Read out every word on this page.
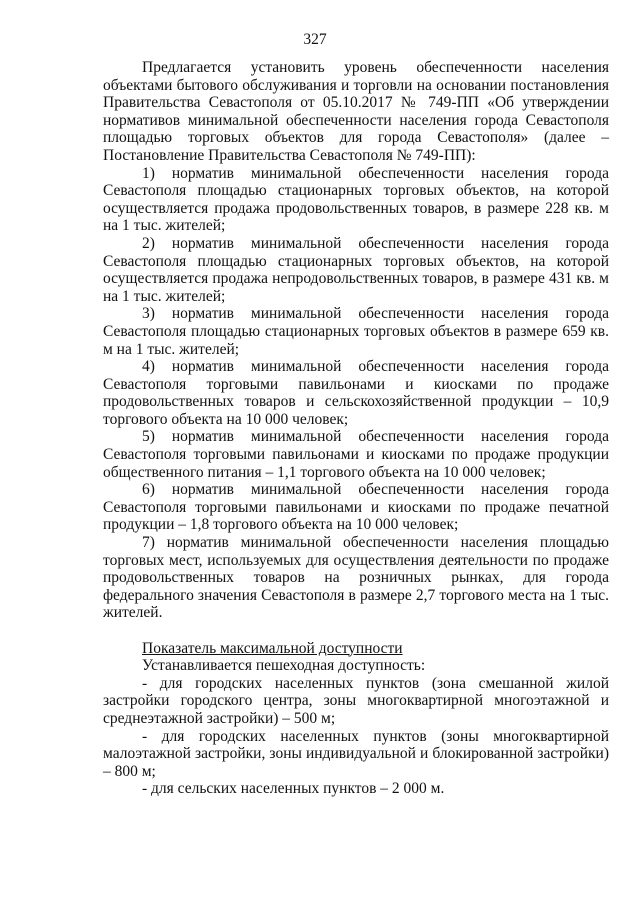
327

Предлагается установить уровень обеспеченности населения объектами бытового обслуживания и торговли на основании постановления Правительства Севастополя от 05.10.2017 № 749-ПП «Об утверждении нормативов минимальной обеспеченности населения города Севастополя площадью торговых объектов для города Севастополя» (далее – Постановление Правительства Севастополя № 749-ПП):

1) норматив минимальной обеспеченности населения города Севастополя площадью стационарных торговых объектов, на которой осуществляется продажа продовольственных товаров, в размере 228 кв. м на 1 тыс. жителей;

2) норматив минимальной обеспеченности населения города Севастополя площадью стационарных торговых объектов, на которой осуществляется продажа непродовольственных товаров, в размере 431 кв. м на 1 тыс. жителей;

3) норматив минимальной обеспеченности населения города Севастополя площадью стационарных торговых объектов в размере 659 кв. м на 1 тыс. жителей;

4) норматив минимальной обеспеченности населения города Севастополя торговыми павильонами и киосками по продаже продовольственных товаров и сельскохозяйственной продукции – 10,9 торгового объекта на 10 000 человек;

5) норматив минимальной обеспеченности населения города Севастополя торговыми павильонами и киосками по продаже продукции общественного питания – 1,1 торгового объекта на 10 000 человек;

6) норматив минимальной обеспеченности населения города Севастополя торговыми павильонами и киосками по продаже печатной продукции – 1,8 торгового объекта на 10 000 человек;

7) норматив минимальной обеспеченности населения площадью торговых мест, используемых для осуществления деятельности по продаже продовольственных товаров на розничных рынках, для города федерального значения Севастополя в размере 2,7 торгового места на 1 тыс. жителей.

Показатель максимальной доступности

Устанавливается пешеходная доступность:

- для городских населенных пунктов (зона смешанной жилой застройки городского центра, зоны многоквартирной многоэтажной и среднеэтажной застройки) – 500 м;

- для городских населенных пунктов (зоны многоквартирной малоэтажной застройки, зоны индивидуальной и блокированной застройки) – 800 м;

- для сельских населенных пунктов – 2 000 м.
